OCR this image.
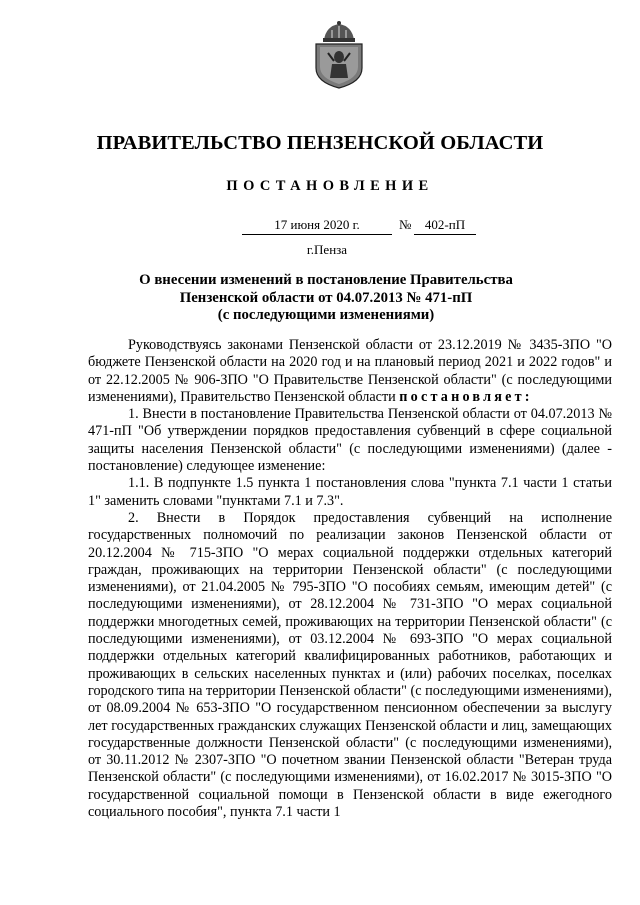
ПРАВИТЕЛЬСТВО ПЕНЗЕНСКОЙ ОБЛАСТИ
ПОСТАНОВЛЕНИЕ
17 июня 2020 г.	№	402-пП
г.Пенза
О внесении изменений в постановление Правительства
Пензенской области от 04.07.2013 № 471-пП
(с последующими изменениями)

Руководствуясь законами Пензенской области от 23.12.2019 № 3435-ЗПО "О бюджете Пензенской области на 2020 год и на плановый период 2021 и 2022 годов" и от 22.12.2005 № 906-ЗПО "О Правительстве Пензенской области" (с последующими изменениями), Правительство Пензенской области постановляет:

1. Внести в постановление Правительства Пензенской области от 04.07.2013 № 471-пП "Об утверждении порядков предоставления субвенций в сфере социальной защиты населения Пензенской области" (с последующими изменениями) (далее - постановление) следующее изменение:

1.1. В подпункте 1.5 пункта 1 постановления слова "пункта 7.1 части 1 статьи 1" заменить словами "пунктами 7.1 и 7.3".

2. Внести в Порядок предоставления субвенций на исполнение государственных полномочий по реализации законов Пензенской области от 20.12.2004 № 715-ЗПО "О мерах социальной поддержки отдельных категорий граждан, проживающих на территории Пензенской области" (с последующими изменениями), от 21.04.2005 № 795-ЗПО "О пособиях семьям, имеющим детей" (с последующими изменениями), от 28.12.2004 № 731-ЗПО "О мерах социальной поддержки многодетных семей, проживающих на территории Пензенской области" (с последующими изменениями), от 03.12.2004 № 693-ЗПО "О мерах социальной поддержки отдельных категорий квалифицированных работников, работающих и проживающих в сельских населенных пунктах и (или) рабочих поселках, поселках городского типа на территории Пензенской области" (с последующими изменениями), от 08.09.2004 № 653-ЗПО "О государственном пенсионном обеспечении за выслугу лет государственных гражданских служащих Пензенской области и лиц, замещающих государственные должности Пензенской области" (с последующими изменениями), от 30.11.2012 № 2307-ЗПО "О почетном звании Пензенской области "Ветеран труда Пензенской области" (с последующими изменениями), от 16.02.2017 № 3015-ЗПО "О государственной социальной помощи в Пензенской области в виде ежегодного социального пособия", пункта 7.1 части 1
